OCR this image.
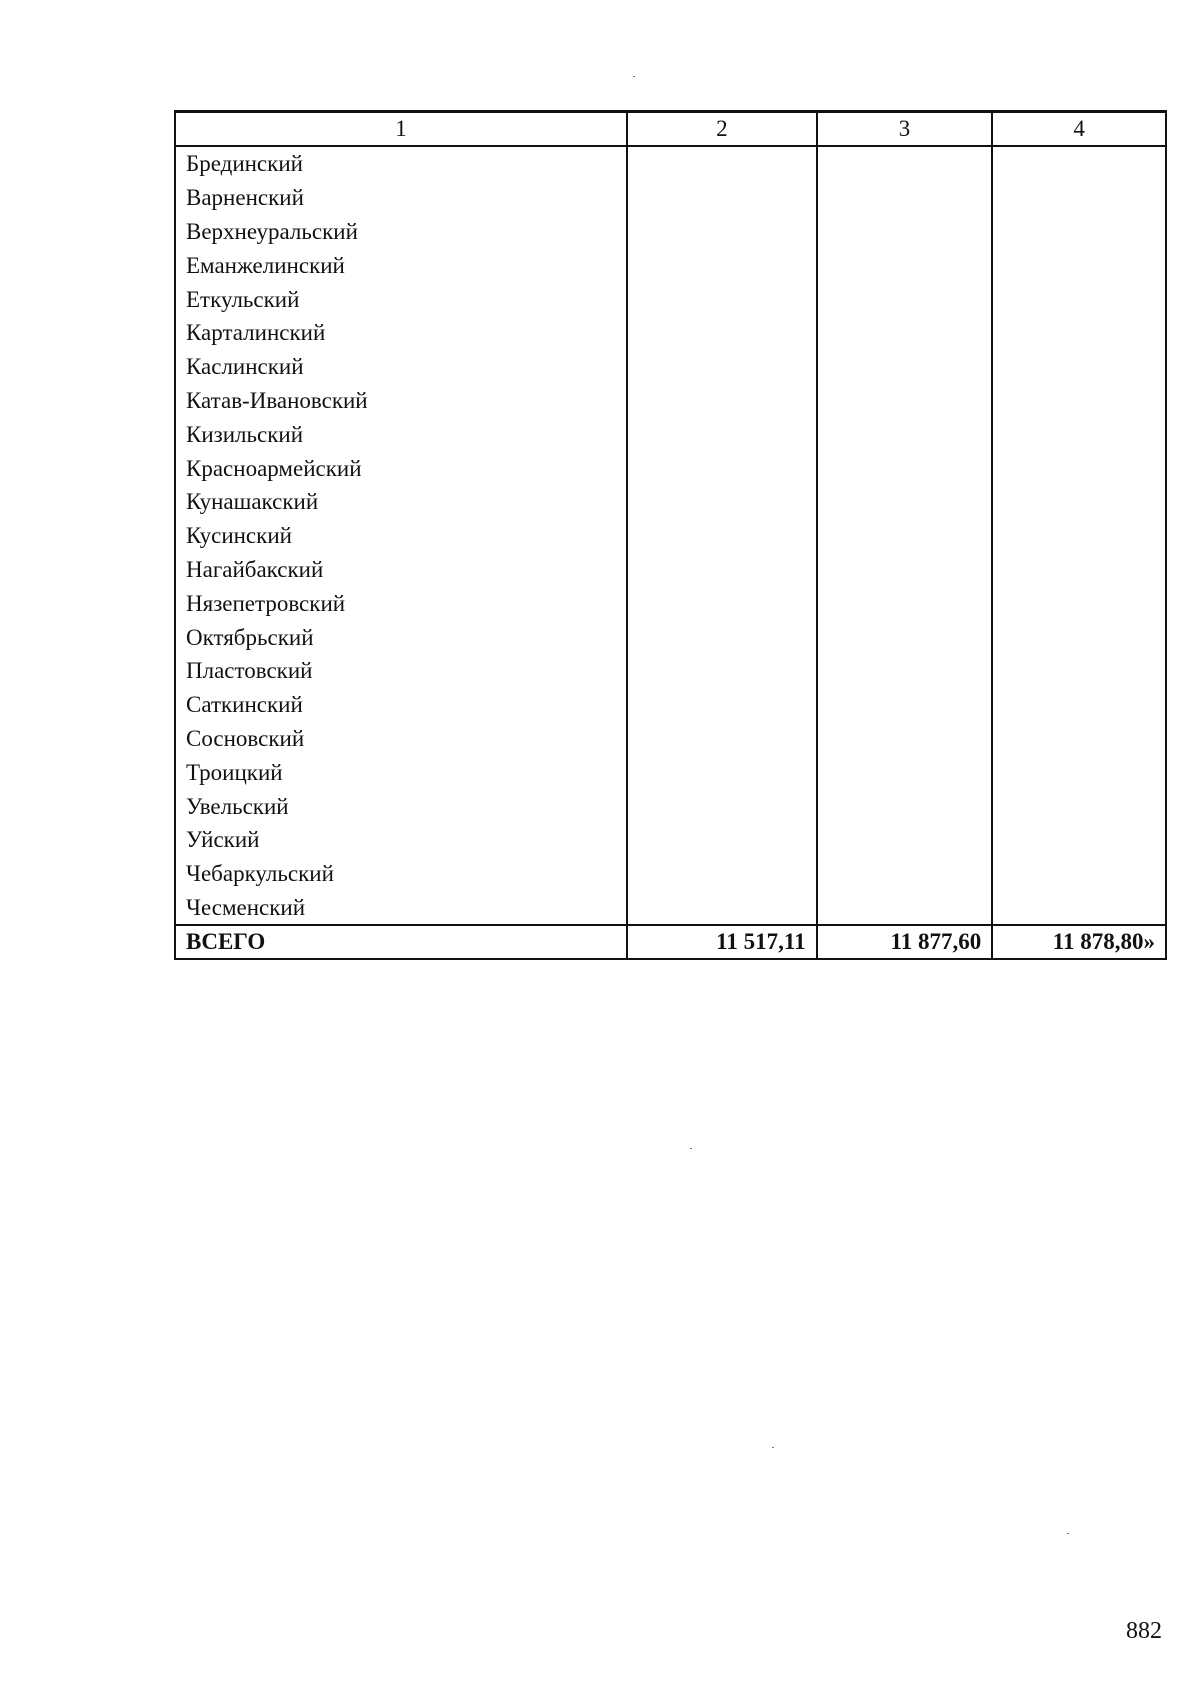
1	2	3	4
Брединский			
Варненский			
Верхнеуральский			
Еманжелинский			
Еткульский			
Карталинский			
Каслинский			
Катав-Ивановский			
Кизильский			
Красноармейский			
Кунашакский			
Кусинский			
Нагайбакский			
Нязепетровский			
Октябрьский			
Пластовский			
Саткинский			
Сосновский			
Троицкий			
Увельский			
Уйский			
Чебаркульский			
Чесменский			
ВСЕГО	11 517,11	11 877,60	11 878,80»
882
